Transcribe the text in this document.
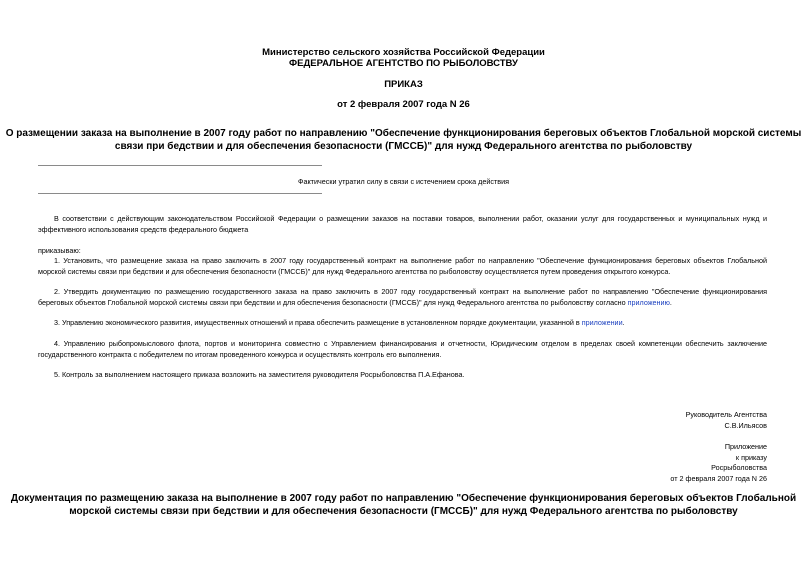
Министерство сельского хозяйства Российской Федерации
ФЕДЕРАЛЬНОЕ АГЕНТСТВО ПО РЫБОЛОВСТВУ
ПРИКАЗ
от 2 февраля 2007 года N 26
О размещении заказа на выполнение в 2007 году работ по направлению "Обеспечение функционирования береговых объектов Глобальной морской системы
связи при бедствии и для обеспечения безопасности (ГМССБ)" для нужд Федерального агентства по рыболовству
Фактически утратил силу в связи с истечением срока действия
В соответствии с действующим законодательством Российской Федерации о размещении заказов на поставки товаров, выполнении работ, оказании услуг для государственных и муниципальных нужд и эффективного использования средств федерального бюджета
приказываю:
1. Установить, что размещение заказа на право заключить в 2007 году государственный контракт на выполнение работ по направлению "Обеспечение функционирования береговых объектов Глобальной морской системы связи при бедствии и для обеспечения безопасности (ГМССБ)" для нужд Федерального агентства по рыболовству осуществляется путем проведения открытого конкурса.
2. Утвердить документацию по размещению государственного заказа на право заключить в 2007 году государственный контракт на выполнение работ по направлению "Обеспечение функционирования береговых объектов Глобальной морской системы связи при бедствии и для обеспечения безопасности (ГМССБ)" для нужд Федерального агентства по рыболовству согласно приложению.
3. Управлению экономического развития, имущественных отношений и права обеспечить размещение в установленном порядке документации, указанной в приложении.
4. Управлению рыбопромыслового флота, портов и мониторинга совместно с Управлением финансирования и отчетности, Юридическим отделом в пределах своей компетенции обеспечить заключение государственного контракта с победителем по итогам проведенного конкурса и осуществлять контроль его выполнения.
5. Контроль за выполнением настоящего приказа возложить на заместителя руководителя Росрыболовства П.А.Ефанова.
Руководитель Агентства
С.В.Ильясов
Приложение
к приказу
Росрыболовства
от 2 февраля 2007 года N 26
Документация по размещению заказа на выполнение в 2007 году работ по направлению "Обеспечение функционирования береговых объектов Глобальной
морской системы связи при бедствии и для обеспечения безопасности (ГМССБ)" для нужд Федерального агентства по рыболовству
